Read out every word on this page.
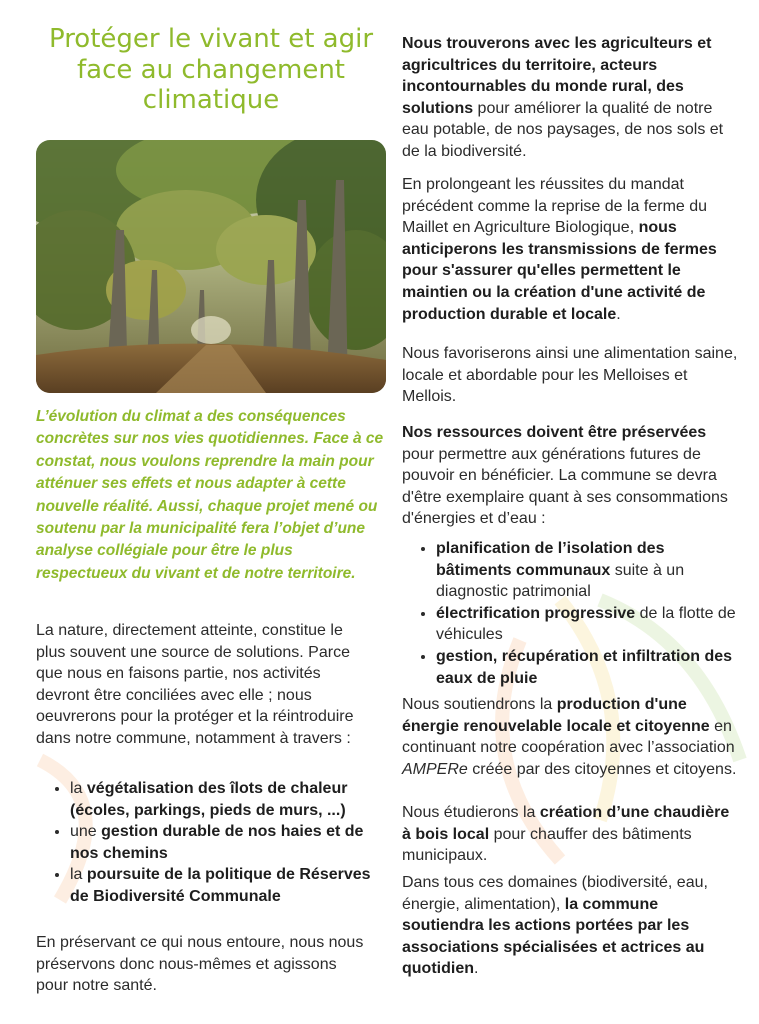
Protéger le vivant et agir face au changement climatique

L’évolution du climat a des conséquences concrètes sur nos vies quotidiennes. Face à ce constat, nous voulons reprendre la main pour atténuer ses effets et nous adapter à cette nouvelle réalité. Aussi, chaque projet mené ou soutenu par la municipalité fera l’objet d’une analyse collégiale pour être le plus respectueux du vivant et de notre territoire.

La nature, directement atteinte, constitue le plus souvent une source de solutions. Parce que nous en faisons partie, nos activités devront être conciliées avec elle ; nous oeuvrerons pour la protéger et la réintroduire dans notre commune, notamment à travers :

• la végétalisation des îlots de chaleur (écoles, parkings, pieds de murs, ...)
• une gestion durable de nos haies et de nos chemins
• la poursuite de la politique de Réserves de Biodiversité Communale

En préservant ce qui nous entoure, nous nous préservons donc nous-mêmes et agissons pour notre santé.

Nous trouverons avec les agriculteurs et agricultrices du territoire, acteurs incontournables du monde rural, des solutions pour améliorer la qualité de notre eau potable, de nos paysages, de nos sols et de la biodiversité.

En prolongeant les réussites du mandat précédent comme la reprise de la ferme du Maillet en Agriculture Biologique, nous anticiperons les transmissions de fermes pour s'assurer qu'elles permettent le maintien ou la création d'une activité de production durable et locale.

Nous favoriserons ainsi une alimentation saine, locale et abordable pour les Melloises et Mellois.

Nos ressources doivent être préservées pour permettre aux générations futures de pouvoir en bénéficier. La commune se devra d'être exemplaire quant à ses consommations d'énergies et d’eau :

• planification de l’isolation des bâtiments communaux suite à un diagnostic patrimonial
• électrification progressive de la flotte de véhicules
• gestion, récupération et infiltration des eaux de pluie

Nous soutiendrons la production d'une énergie renouvelable locale et citoyenne en continuant notre coopération avec l’association AMPERe créée par des citoyennes et citoyens.

Nous étudierons la création d’une chaudière à bois local pour chauffer des bâtiments municipaux.

Dans tous ces domaines (biodiversité, eau, énergie, alimentation), la commune soutiendra les actions portées par les associations spécialisées et actrices au quotidien.
